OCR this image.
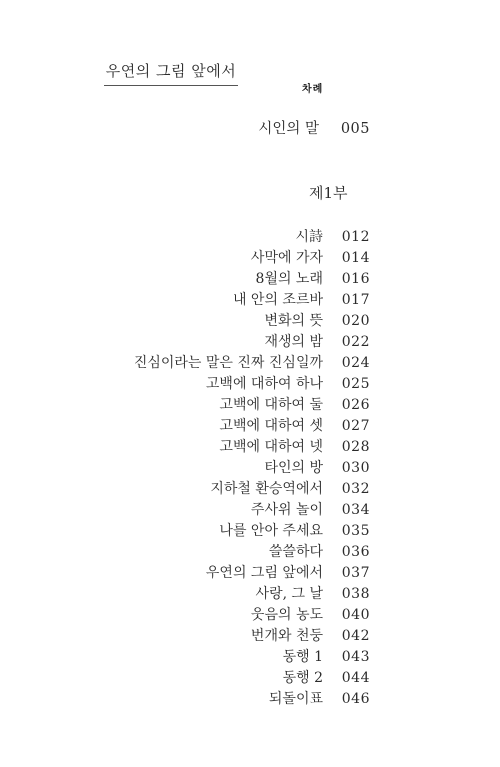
우연의 그림 앞에서
차례
시인의 말	005
제1부
시詩	012
사막에 가자	014
8월의 노래	016
내 안의 조르바	017
변화의 뜻	020
재생의 밤	022
진심이라는 말은 진짜 진심일까	024
고백에 대하여 하나	025
고백에 대하여 둘	026
고백에 대하여 셋	027
고백에 대하여 넷	028
타인의 방	030
지하철 환승역에서	032
주사위 놀이	034
나를 안아 주세요	035
쓸쓸하다	036
우연의 그림 앞에서	037
사랑, 그 날	038
웃음의 농도	040
번개와 천둥	042
동행 1	043
동행 2	044
되돌이표	046
